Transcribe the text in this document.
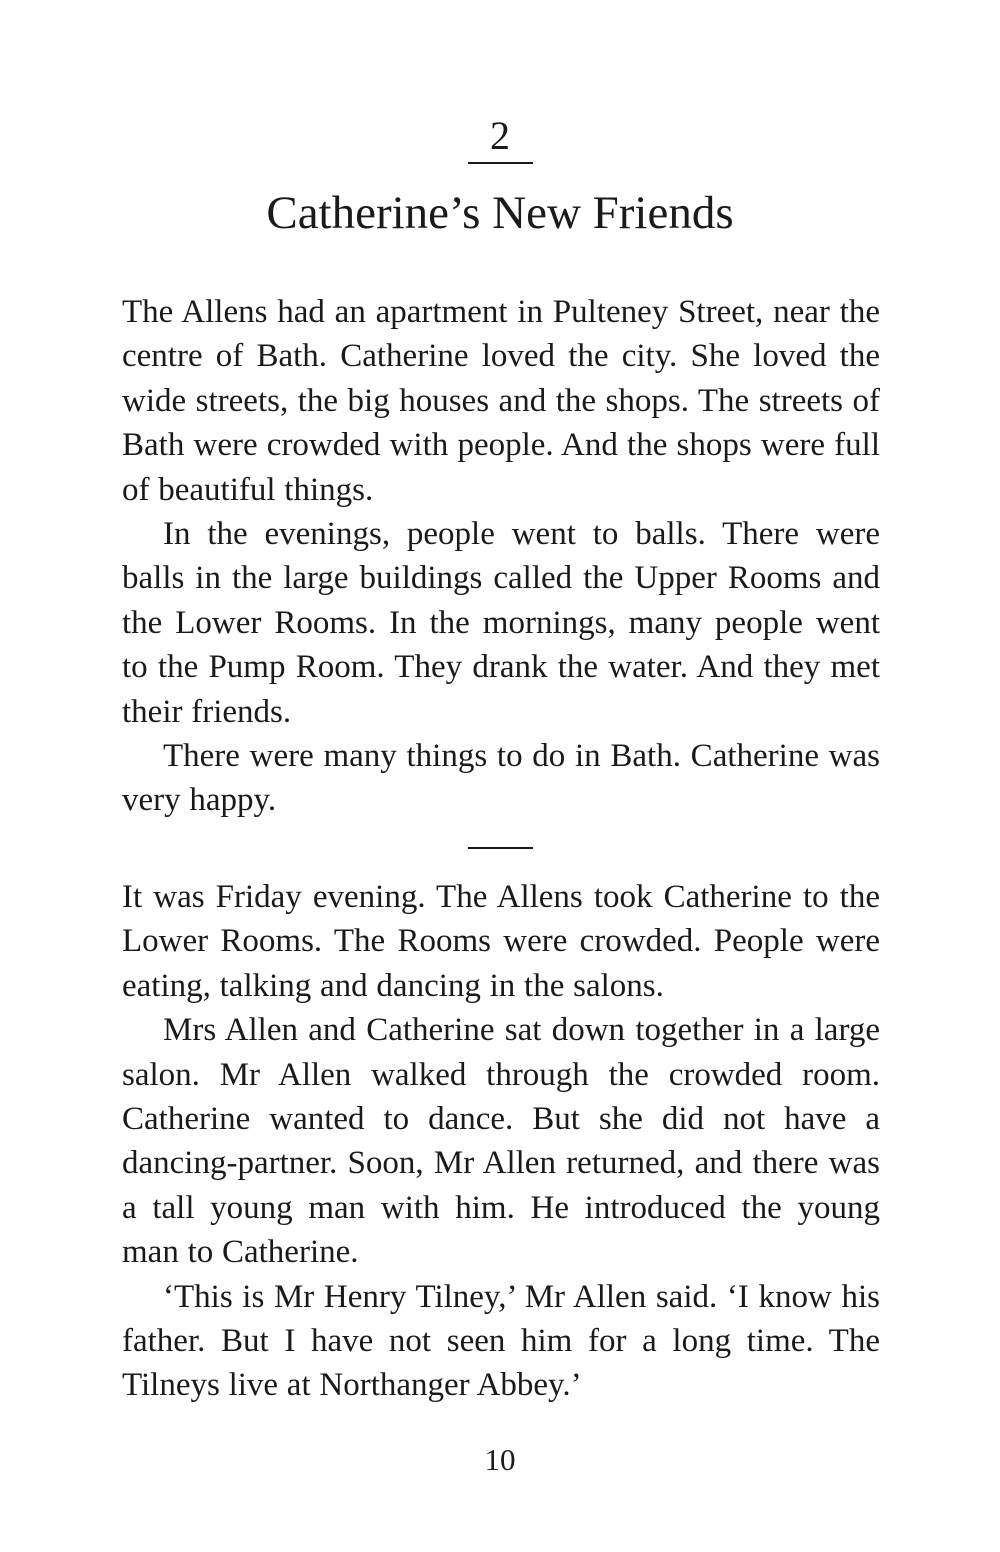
2
Catherine’s New Friends

The Allens had an apartment in Pulteney Street, near the centre of Bath. Catherine loved the city. She loved the wide streets, the big houses and the shops. The streets of Bath were crowded with people. And the shops were full of beautiful things.

In the evenings, people went to balls. There were balls in the large buildings called the Upper Rooms and the Lower Rooms. In the mornings, many people went to the Pump Room. They drank the water. And they met their friends.

There were many things to do in Bath. Catherine was very happy.

It was Friday evening. The Allens took Catherine to the Lower Rooms. The Rooms were crowded. People were eating, talking and dancing in the salons.

Mrs Allen and Catherine sat down together in a large salon. Mr Allen walked through the crowded room. Catherine wanted to dance. But she did not have a dancing-partner. Soon, Mr Allen returned, and there was a tall young man with him. He introduced the young man to Catherine.

‘This is Mr Henry Tilney,’ Mr Allen said. ‘I know his father. But I have not seen him for a long time. The Tilneys live at Northanger Abbey.’

10
